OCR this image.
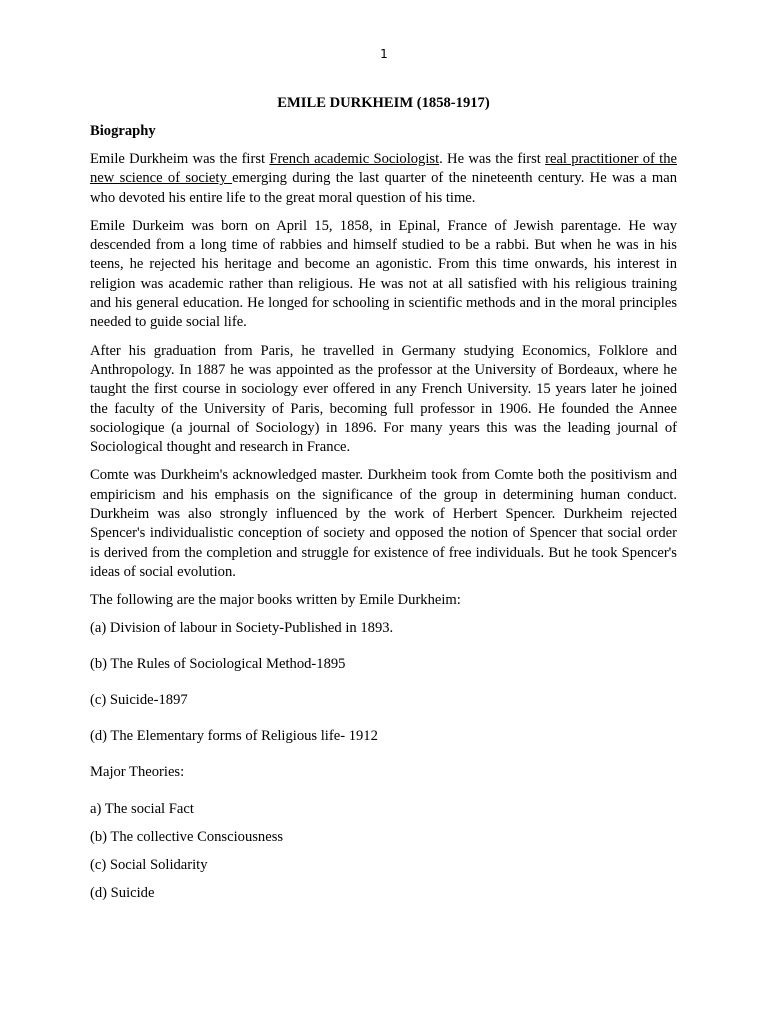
1
EMILE DURKHEIM (1858-1917)
Biography

Emile Durkheim was the first French academic Sociologist. He was the first real practitioner of the new science of society emerging during the last quarter of the nineteenth century. He was a man who devoted his entire life to the great moral question of his time.

Emile Durkeim was born on April 15, 1858, in Epinal, France of Jewish parentage. He way descended from a long time of rabbies and himself studied to be a rabbi. But when he was in his teens, he rejected his heritage and become an agonistic. From this time onwards, his interest in religion was academic rather than religious. He was not at all satisfied with his religious training and his general education. He longed for schooling in scientific methods and in the moral principles needed to guide social life.

After his graduation from Paris, he travelled in Germany studying Economics, Folklore and Anthropology. In 1887 he was appointed as the professor at the University of Bordeaux, where he taught the first course in sociology ever offered in any French University. 15 years later he joined the faculty of the University of Paris, becoming full professor in 1906. He founded the Annee sociologique (a journal of Sociology) in 1896. For many years this was the leading journal of Sociological thought and research in France.

Comte was Durkheim's acknowledged master. Durkheim took from Comte both the positivism and empiricism and his emphasis on the significance of the group in determining human conduct. Durkheim was also strongly influenced by the work of Herbert Spencer. Durkheim rejected Spencer's individualistic conception of society and opposed the notion of Spencer that social order is derived from the completion and struggle for existence of free individuals. But he took Spencer's ideas of social evolution.

The following are the major books written by Emile Durkheim:

(a) Division of labour in Society-Published in 1893.

(b) The Rules of Sociological Method-1895

(c) Suicide-1897

(d) The Elementary forms of Religious life- 1912

Major Theories:

a) The social Fact

(b) The collective Consciousness

(c) Social Solidarity

(d) Suicide
